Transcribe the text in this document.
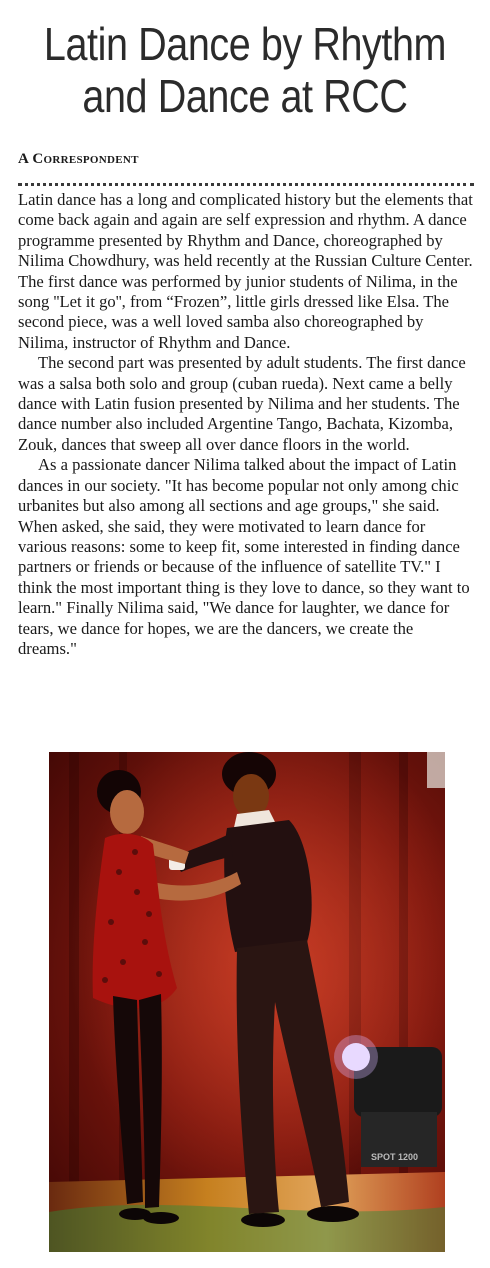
Latin Dance by Rhythm
and Dance at RCC
A Correspondent

Latin dance has a long and complicated history but the elements that come back again and again are self expression and rhythm. A dance programme presented by Rhythm and Dance, choreographed by Nilima Chowdhury, was held recently at the Russian Culture Center. The first dance was performed by junior students of Nilima, in the song ''Let it go'', from “Frozen”, little girls dressed like Elsa. The second piece, was a well loved samba also choreographed by Nilima, instructor of Rhythm and Dance.

The second part was presented by adult students. The first dance was a salsa both solo and group (cuban rueda). Next came a belly dance with Latin fusion presented by Nilima and her students. The dance number also included Argentine Tango, Bachata, Kizomba, Zouk, dances that sweep all over dance floors in the world.

As a passionate dancer Nilima talked about the impact of Latin dances in our society. "It has become popular not only among chic urbanites but also among all sections and age groups," she said. When asked, she said, they were motivated to learn dance for various reasons: some to keep fit, some interested in finding dance partners or friends or because of the influence of satellite TV." I think the most important thing is they love to dance, so they want to learn." Finally Nilima said, "We dance for laughter, we dance for tears, we dance for hopes, we are the dancers, we create the dreams."

SPOT 1200
